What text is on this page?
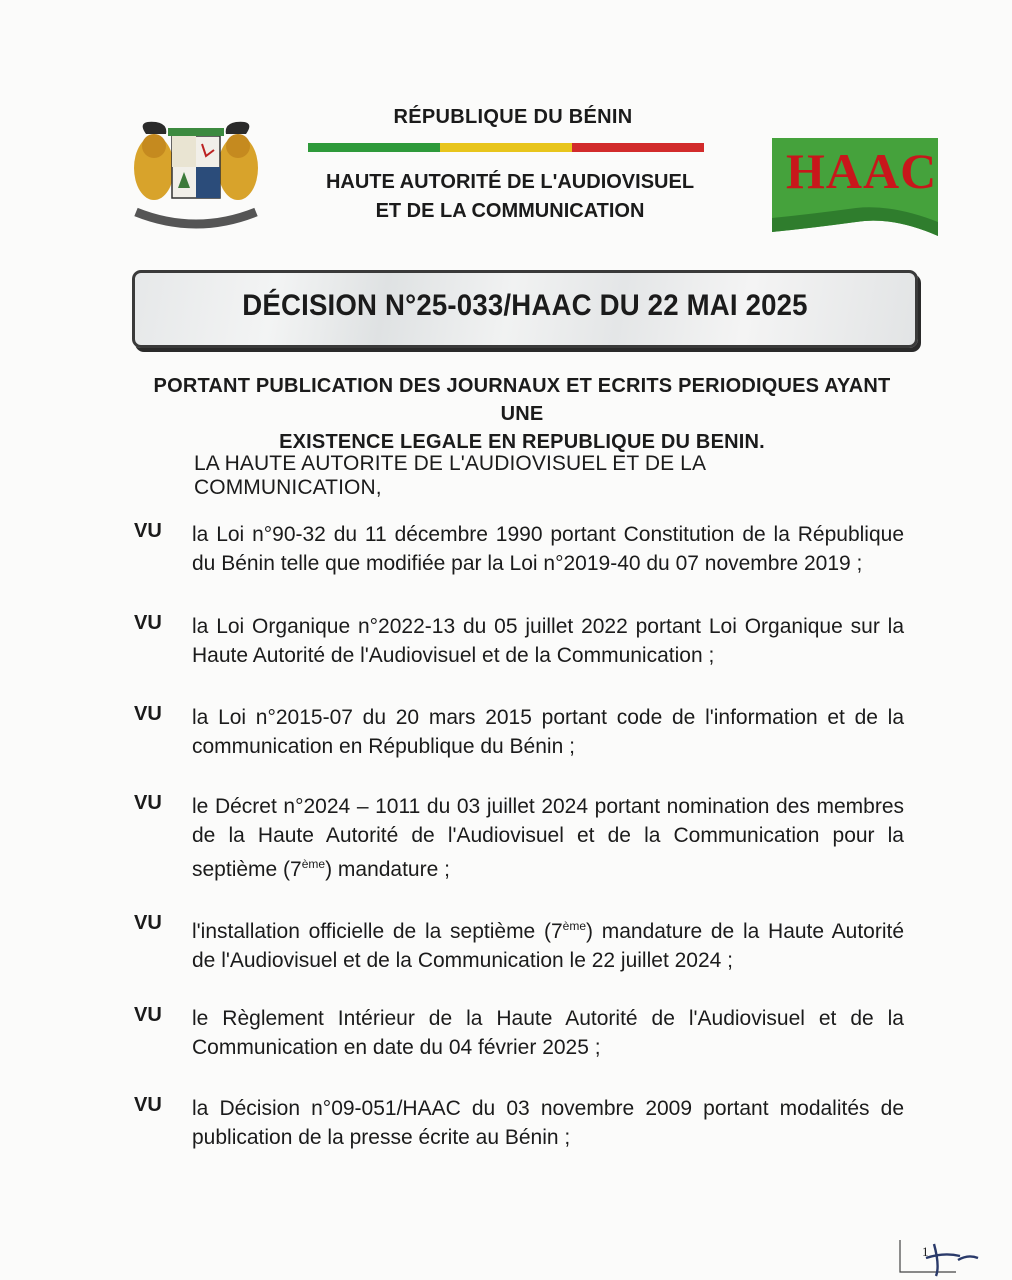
HAAC
RÉPUBLIQUE DU BÉNIN
HAUTE AUTORITÉ DE L'AUDIOVISUEL
ET DE LA COMMUNICATION
DÉCISION N°25-033/HAAC DU 22 MAI 2025
PORTANT PUBLICATION DES JOURNAUX ET ECRITS PERIODIQUES AYANT UNE
EXISTENCE LEGALE EN REPUBLIQUE DU BENIN.
LA HAUTE AUTORITE DE L'AUDIOVISUEL ET DE LA COMMUNICATION,
VU la Loi n°90-32 du 11 décembre 1990 portant Constitution de la République du Bénin telle que modifiée par la Loi n°2019-40 du 07 novembre 2019 ;
VU la Loi Organique n°2022-13 du 05 juillet 2022 portant Loi Organique sur la Haute Autorité de l'Audiovisuel et de la Communication ;
VU la Loi n°2015-07 du 20 mars 2015 portant code de l'information et de la communication en République du Bénin ;
VU le Décret n°2024 – 1011 du 03 juillet 2024 portant nomination des membres de la Haute Autorité de l'Audiovisuel et de la Communication pour la septième (7ème) mandature ;
VU l'installation officielle de la septième (7ème) mandature de la Haute Autorité de l'Audiovisuel et de la Communication le 22 juillet 2024 ;
VU le Règlement Intérieur de la Haute Autorité de l'Audiovisuel et de la Communication en date du 04 février 2025 ;
VU la Décision n°09-051/HAAC du 03 novembre 2009 portant modalités de publication de la presse écrite au Bénin ;
1
